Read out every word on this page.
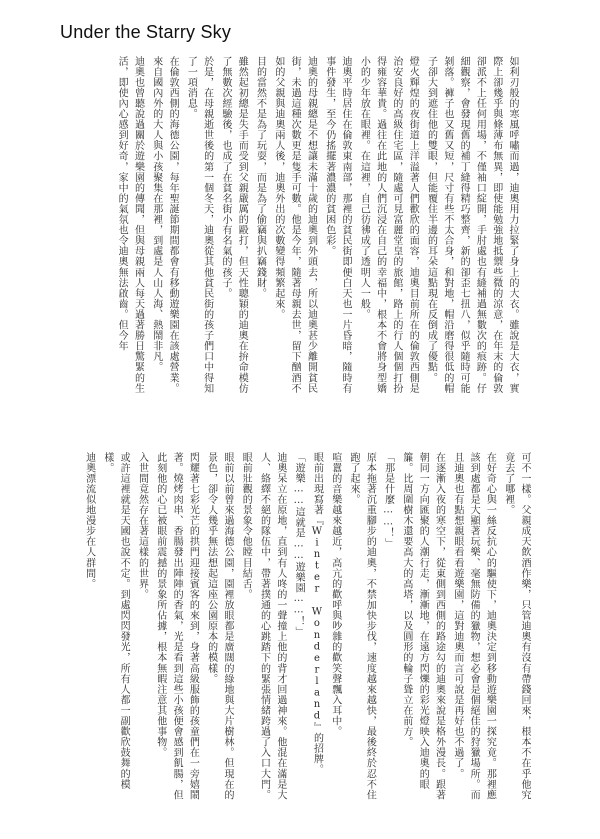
Under the Starry Sky
如利刃般的寒風呼嘯而過，迪奧用力拉緊了身上的大衣。雖說是大衣，實際上卻幾乎與條薄布無異，即使能勉強地抵禦些微的涼意，在年末的倫敦卻派不上任何用場，不僅袖口綻開，手肘處也有縫補過無數次的痕跡。仔細觀察，會發現舊的補丁縫得精巧整齊，新的卻歪七扭八，似乎隨時可能剝落。褲子也又舊又短，尺寸有些不太合身，和對地，帽沿磨得很低的帽子卻大到遮住他的雙眼，但能覆住半邊的耳朵這點現在反倒成了優點。
燈火輝煌的夜街道上洋溢著人們歡欣的面容，迪奧目前所在的倫敦西側是治安良好的高級住宅區，隨處可見富麗堂皇的旅館，路上的行人個個打扮得雍容華貴。過往在此地的人們沉浸在自己的幸福中，根本不會將身型嬌小的少年放在眼裡。在這裡，自己彷彿成了透明人一般。
迪奧平時居住在倫敦東南部，那裡的貧民街即便白天也一片昏暗，隨時有事件發生，至今仍搖擺著濃濃的貧困色彩。
迪奧的母親總是不想讓未滿十歲的迪奧到外頭去，所以迪奧甚少離開貧民街，未過這種次數更是隻手可數。他是今年，隨著母親去世，留下酗酒不如的父親與迪奧兩人後，迪奧外出的次數變得頻繁起來。
目的當然不是為了玩耍，而是為了偷竊與扒竊錢財。
雖然起初總是失手而受到父親嚴厲的毆打，但天性聰穎的迪奧在拚命模仿了無數次經驗後，也成了在貧名街小有名氣的孩子。
於是，在母親逝世後的第一個冬天，迪奧從其他貧民街的孩子們口中得知了一項消息。
在倫敦西側的海德公園，每年聖誕節期間都會有移動遊樂園在該處營業。來自國內外的大人與小孩聚集在那裡，到處是人山人海、熱鬧非凡。
迪奧也曾聽說過關於遊樂園的傳聞，但與母親兩人每天過著勝日驚緊的生活，即使內心感到好奇，家中的氣氛也令迪奧無法啟齒。但今年
可不一樣。父親成天飲酒作樂，只管迪奧有沒有帶錢回來，根本不在乎他究竟去了哪裡。
在好奇心與一絲反抗心的驅使下，迪奧決定到移動遊樂園一探究竟。那裡應該到處都是大顯著玩樂、毫無防備的獵物，想必會是個絕佳的狩獵場所。而且迪奧也有點想親眼看看遊樂園，這對迪奧而言可說是再好也不過了。
在逐漸入夜的寒空下，從東側到西側的路途勾的迪奧來說是格外漫長。跟著朝同一方向匯聚的人潮行走，漸漸地，在遠方閃爍的彩光燈映入迪奧的眼簾。比周圍樹木還要高大的高塔，以及圓形的輪子聳立在前方。
「那是什麼……！」
原本拖著沉重腳步的迪奧，不禁加快步伐，速度越來越快，最後終於忍不住跑了起來。
喧囂的音樂越來越近，高亢的歡呼與吵雜的歡笑聲飄入耳中。
眼前出現寫著『Winter Wonderland』的招牌。
「遊樂……這就是……遊樂園……！」
迪奧呆立在原地，直到有人咚的一聲撞上他的背才回過神來。他混在滿是大人、絡繹不絕的隊伍中，帶著撲通的心跳踏下的緊張情緒跨過了入口大門。
眼前壯觀的景象令他瞠目結舌。
眼前以前曾來過海德公園，園裡放眼都是廣闊的綠地與大片樹林。但現在的景色，卻令人幾乎無法想起這座公園原本的模樣。
閃耀著七彩光芒的拱門迎接賓客的來到，身著高級服飾的孩童們在一旁嬉鬧著。燒烤肉串、香腸發出陣陣的香氣，光是看到這些小孩便會感到飢腸，但此刻他的心已被眼前震撼的景象所佔據，根本無暇注意其他事物。
入世間竟然存在著這樣的世界。
或許這裡就是天國也說不定。到處閃閃發光，所有人都一副歡欣鼓舞的模樣。
迪奧漂流似地漫步在人群間。
